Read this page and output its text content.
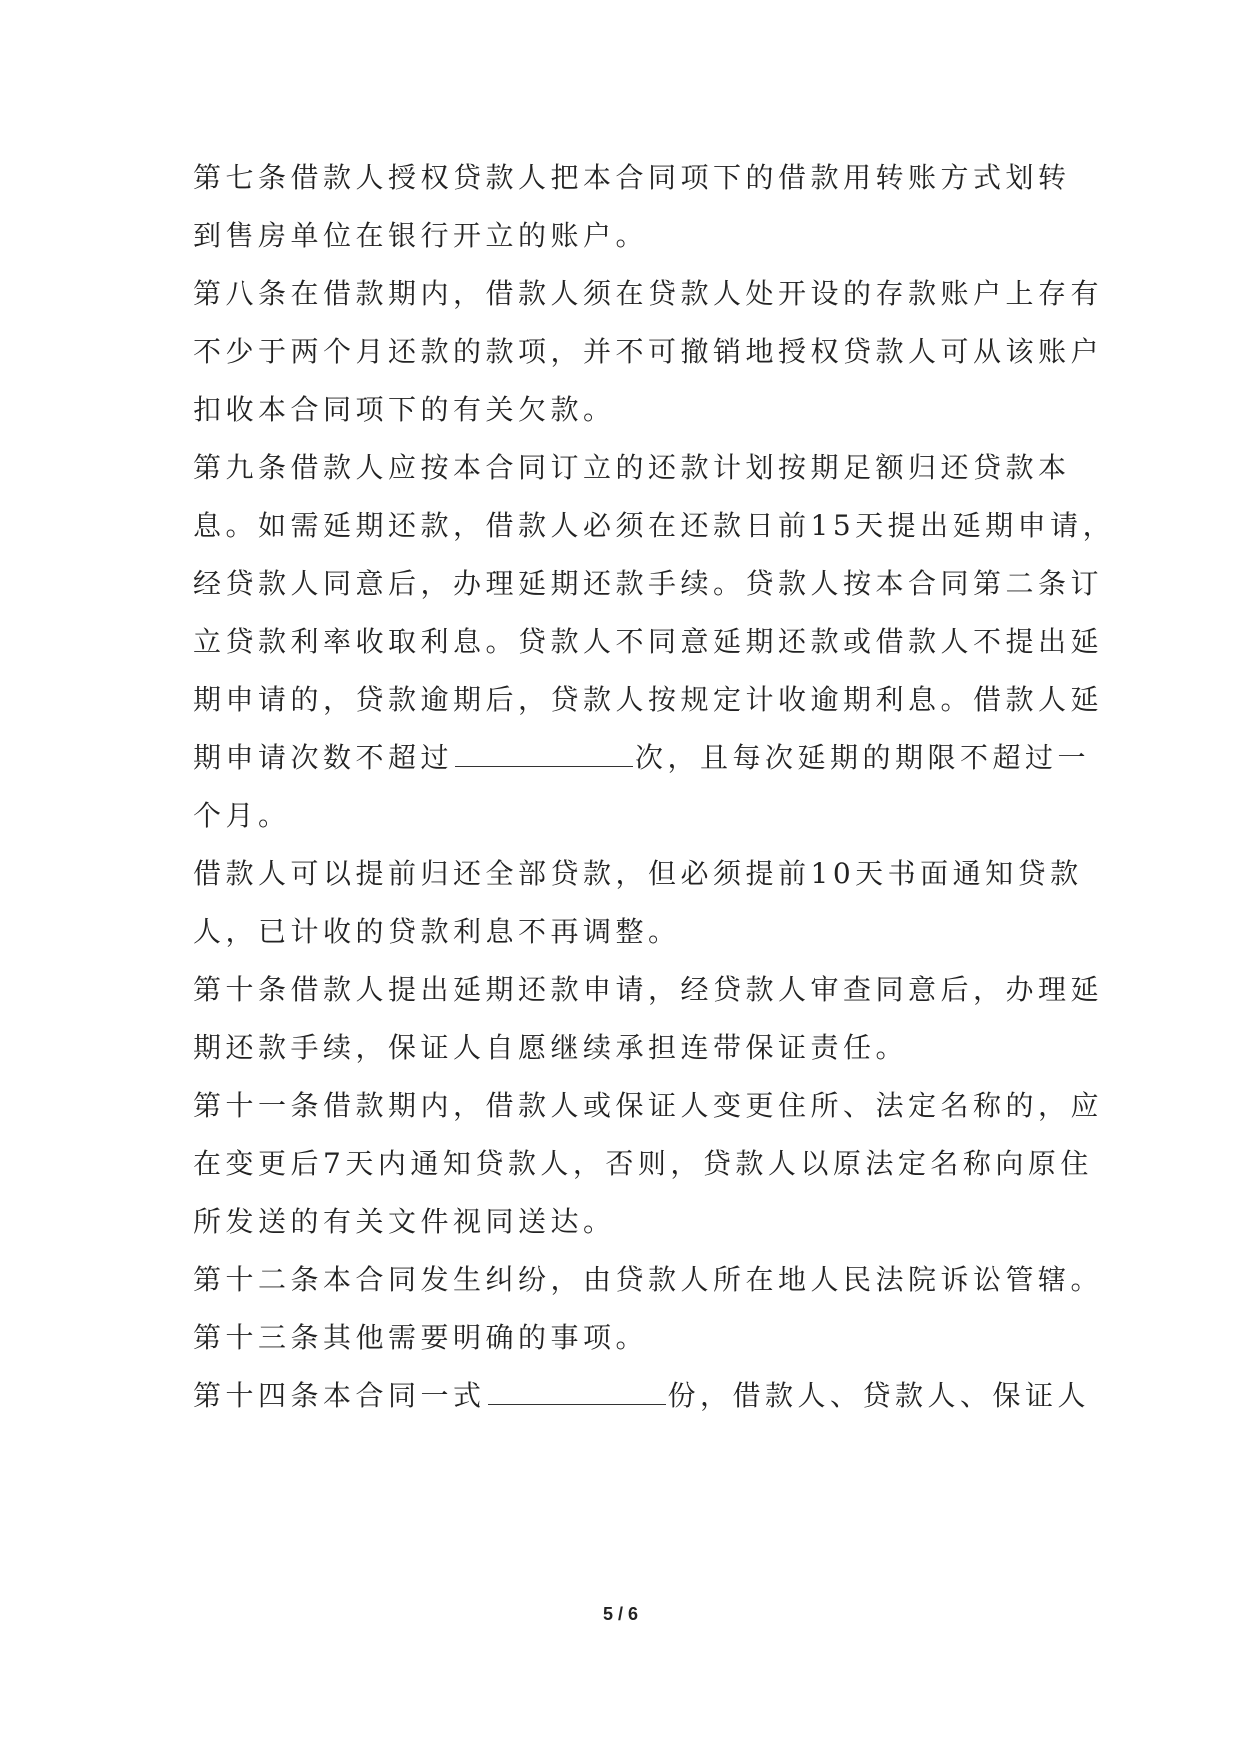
第七条借款人授权贷款人把本合同项下的借款用转账方式划转
到售房单位在银行开立的账户。
第八条在借款期内，借款人须在贷款人处开设的存款账户上存有
不少于两个月还款的款项，并不可撤销地授权贷款人可从该账户
扣收本合同项下的有关欠款。
第九条借款人应按本合同订立的还款计划按期足额归还贷款本
息。如需延期还款，借款人必须在还款日前15天提出延期申请，
经贷款人同意后，办理延期还款手续。贷款人按本合同第二条订
立贷款利率收取利息。贷款人不同意延期还款或借款人不提出延
期申请的，贷款逾期后，贷款人按规定计收逾期利息。借款人延
期申请次数不超过	次，且每次延期的期限不超过一
个月。
借款人可以提前归还全部贷款，但必须提前10天书面通知贷款
人，已计收的贷款利息不再调整。
第十条借款人提出延期还款申请，经贷款人审查同意后，办理延
期还款手续，保证人自愿继续承担连带保证责任。
第十一条借款期内，借款人或保证人变更住所、法定名称的，应
在变更后7天内通知贷款人，否则，贷款人以原法定名称向原住
所发送的有关文件视同送达。
第十二条本合同发生纠纷，由贷款人所在地人民法院诉讼管辖。
第十三条其他需要明确的事项。
第十四条本合同一式	份，借款人、贷款人、保证人
5 / 6
